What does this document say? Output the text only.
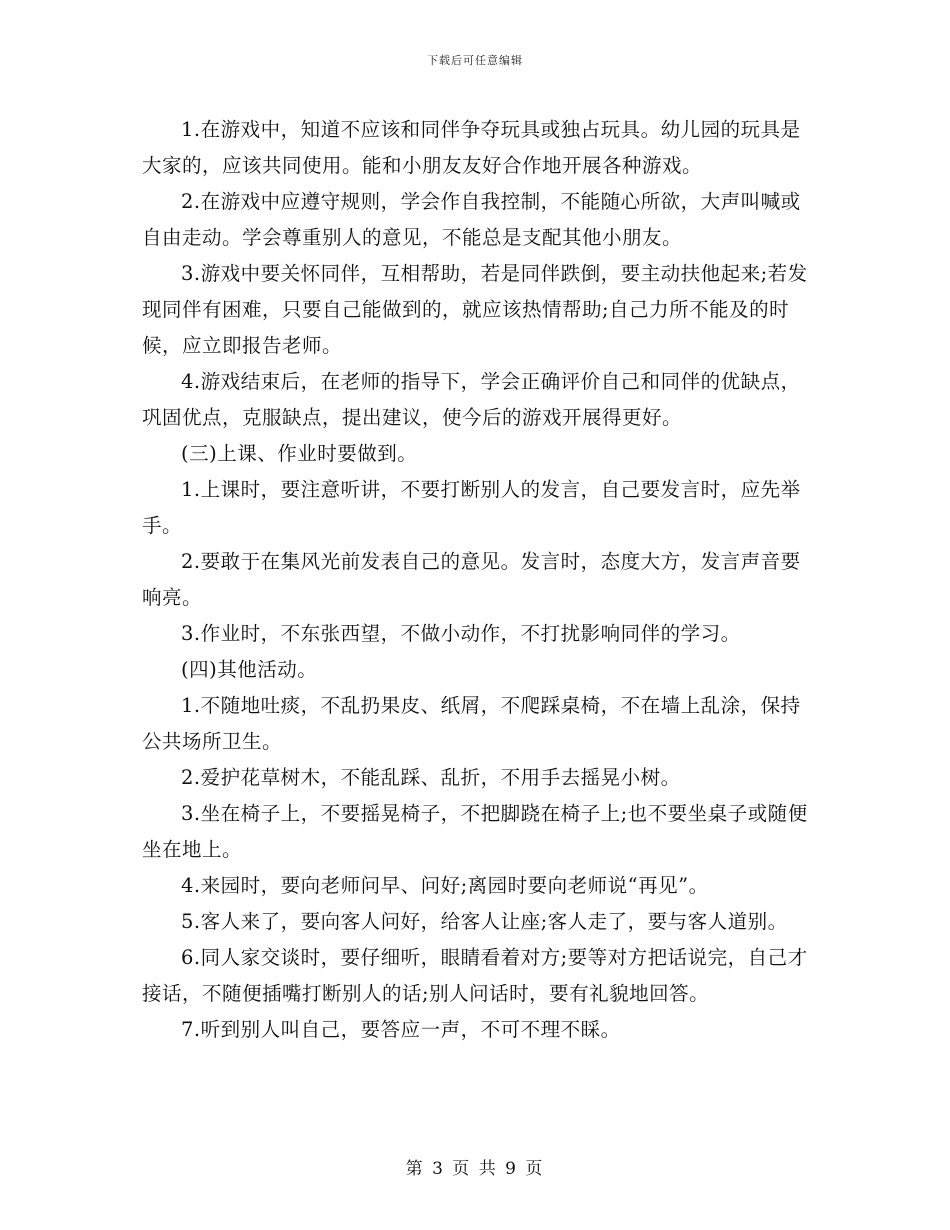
下载后可任意编辑

1.在游戏中，知道不应该和同伴争夺玩具或独占玩具。幼儿园的玩具是大家的，应该共同使用。能和小朋友友好合作地开展各种游戏。

2.在游戏中应遵守规则，学会作自我控制，不能随心所欲，大声叫喊或自由走动。学会尊重别人的意见，不能总是支配其他小朋友。

3.游戏中要关怀同伴，互相帮助，若是同伴跌倒，要主动扶他起来;若发现同伴有困难，只要自己能做到的，就应该热情帮助;自己力所不能及的时候，应立即报告老师。

4.游戏结束后，在老师的指导下，学会正确评价自己和同伴的优缺点，巩固优点，克服缺点，提出建议，使今后的游戏开展得更好。

(三)上课、作业时要做到。

1.上课时，要注意听讲，不要打断别人的发言，自己要发言时，应先举手。

2.要敢于在集风光前发表自己的意见。发言时，态度大方，发言声音要响亮。

3.作业时，不东张西望，不做小动作，不打扰影响同伴的学习。

(四)其他活动。

1.不随地吐痰，不乱扔果皮、纸屑，不爬踩桌椅，不在墙上乱涂，保持公共场所卫生。

2.爱护花草树木，不能乱踩、乱折，不用手去摇晃小树。

3.坐在椅子上，不要摇晃椅子，不把脚跷在椅子上;也不要坐桌子或随便坐在地上。

4.来园时，要向老师问早、问好;离园时要向老师说“再见”。

5.客人来了，要向客人问好，给客人让座;客人走了，要与客人道别。

6.同人家交谈时，要仔细听，眼睛看着对方;要等对方把话说完，自己才接话，不随便插嘴打断别人的话;别人问话时，要有礼貌地回答。

7.听到别人叫自己，要答应一声，不可不理不睬。

第 3 页 共 9 页
